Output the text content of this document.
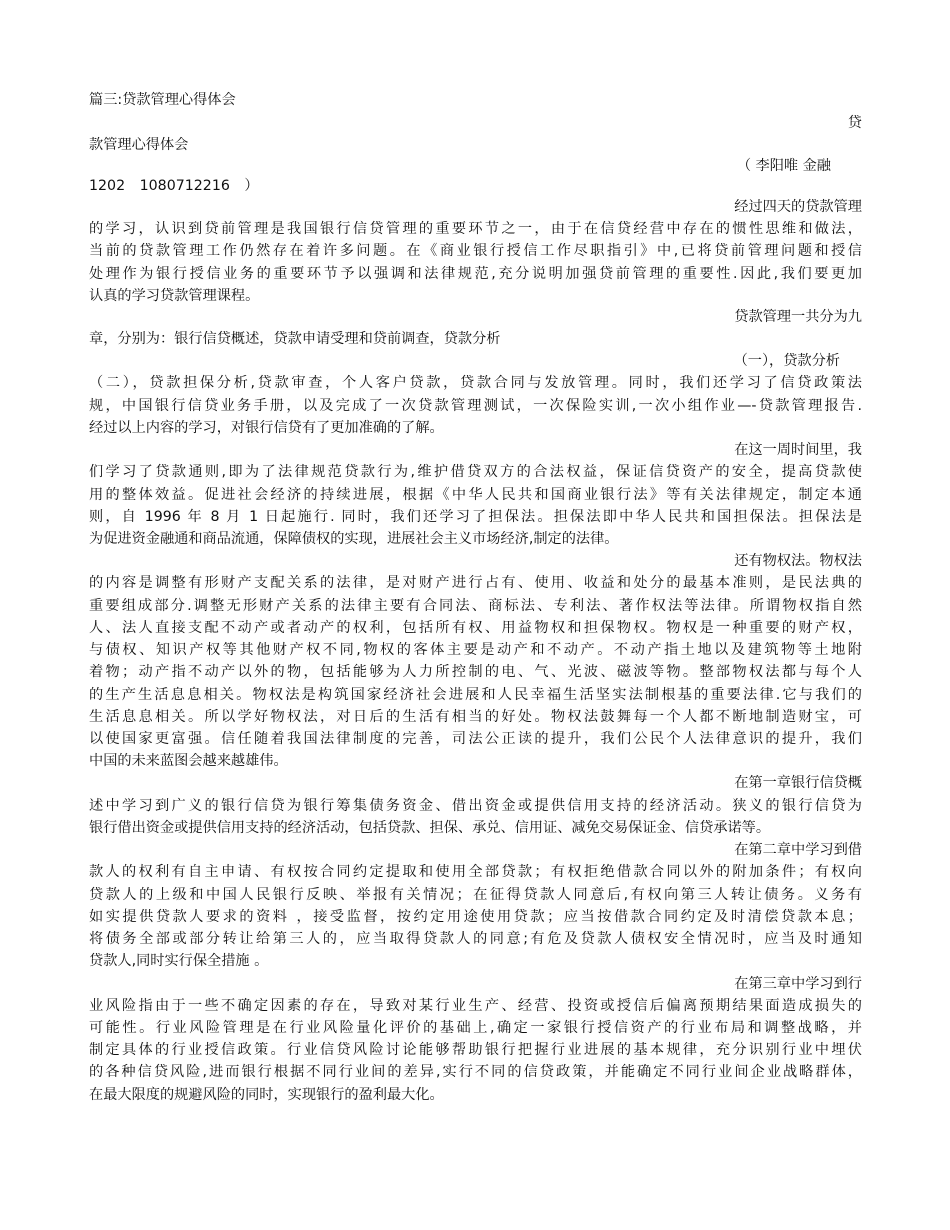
篇三:贷款管理心得体会
贷
款管理心得体会
（ 李阳唯 金融
1202 1080712216 ）
经过四天的贷款管理
的学习，认识到贷前管理是我国银行信贷管理的重要环节之一，由于在信贷经营中存在的惯性思维和做法，
当前的贷款管理工作仍然存在着许多问题。在《商业银行授信工作尽职指引》中,已将贷前管理问题和授信
处理作为银行授信业务的重要环节予以强调和法律规范,充分说明加强贷前管理的重要性.因此,我们要更加
认真的学习贷款管理课程。
贷款管理一共分为九
章，分别为：银行信贷概述，贷款申请受理和贷前调查，贷款分析
（一），贷款分析
（二），贷款担保分析,贷款审查，个人客户贷款，贷款合同与发放管理。同时，我们还学习了信贷政策法
规，中国银行信贷业务手册，以及完成了一次贷款管理测试，一次保险实训,一次小组作业—-贷款管理报告.
经过以上内容的学习，对银行信贷有了更加准确的了解。
在这一周时间里，我
们学习了贷款通则,即为了法律规范贷款行为,维护借贷双方的合法权益，保证信贷资产的安全，提高贷款使
用的整体效益。促进社会经济的持续进展，根据《中华人民共和国商业银行法》等有关法律规定，制定本通
则，自 1996 年 8 月 1 日起施行. 同时，我们还学习了担保法。担保法即中华人民共和国担保法。担保法是
为促进资金融通和商品流通，保障债权的实现，进展社会主义市场经济,制定的法律。
还有物权法。物权法
的内容是调整有形财产支配关系的法律，是对财产进行占有、使用、收益和处分的最基本准则，是民法典的
重要组成部分.调整无形财产关系的法律主要有合同法、商标法、专利法、著作权法等法律。所谓物权指自然
人、法人直接支配不动产或者动产的权利，包括所有权、用益物权和担保物权。物权是一种重要的财产权，
与债权、知识产权等其他财产权不同,物权的客体主要是动产和不动产。不动产指土地以及建筑物等土地附
着物；动产指不动产以外的物，包括能够为人力所控制的电、气、光波、磁波等物。整部物权法都与每个人
的生产生活息息相关。物权法是构筑国家经济社会进展和人民幸福生活坚实法制根基的重要法律.它与我们的
生活息息相关。所以学好物权法，对日后的生活有相当的好处。物权法鼓舞每一个人都不断地制造财宝，可
以使国家更富强。信任随着我国法律制度的完善，司法公正读的提升，我们公民个人法律意识的提升，我们
中国的未来蓝图会越来越雄伟。
在第一章银行信贷概
述中学习到广义的银行信贷为银行筹集债务资金、借出资金或提供信用支持的经济活动。狭义的银行信贷为
银行借出资金或提供信用支持的经济活动，包括贷款、担保、承兑、信用证、减免交易保证金、信贷承诺等。
在第二章中学习到借
款人的权利有自主申请、有权按合同约定提取和使用全部贷款；有权拒绝借款合同以外的附加条件；有权向
贷款人的上级和中国人民银行反映、举报有关情况；在征得贷款人同意后,有权向第三人转让债务。义务有
如实提供贷款人要求的资料 ，接受监督，按约定用途使用贷款；应当按借款合同约定及时清偿贷款本息；
将债务全部或部分转让给第三人的，应当取得贷款人的同意;有危及贷款人债权安全情况时，应当及时通知
贷款人,同时实行保全措施 。
在第三章中学习到行
业风险指由于一些不确定因素的存在，导致对某行业生产、经营、投资或授信后偏离预期结果面造成损失的
可能性。行业风险管理是在行业风险量化评价的基础上,确定一家银行授信资产的行业布局和调整战略，并
制定具体的行业授信政策。行业信贷风险讨论能够帮助银行把握行业进展的基本规律，充分识别行业中埋伏
的各种信贷风险,进而银行根据不同行业间的差异,实行不同的信贷政策，并能确定不同行业间企业战略群体，
在最大限度的规避风险的同时，实现银行的盈利最大化。
